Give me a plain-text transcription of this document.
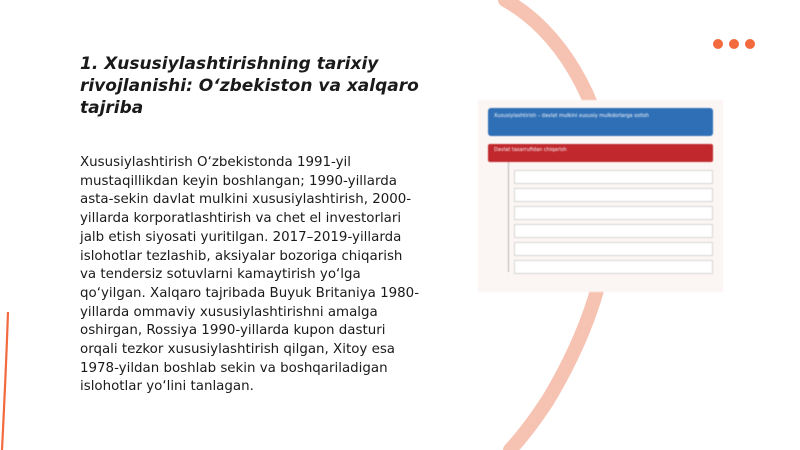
1. Xususiylashtirishning tarixiy rivojlanishi: O‘zbekiston va xalqaro tajriba

Xususiylashtirish O‘zbekistonda 1991-yil mustaqillikdan keyin boshlangan; 1990-yillarda asta-sekin davlat mulkini xususiylashtirish, 2000-yillarda korporatlashtirish va chet el investorlari jalb etish siyosati yuritilgan. 2017–2019-yillarda islohotlar tezlashib, aksiyalar bozoriga chiqarish va tendersiz sotuvlarni kamaytirish yo‘lga qo‘yilgan. Xalqaro tajribada Buyuk Britaniya 1980-yillarda ommaviy xususiylashtirishni amalga oshirgan, Rossiya 1990-yillarda kupon dasturi orqali tezkor xususiylashtirish qilgan, Xitoy esa 1978-yildan boshlab sekin va boshqariladigan islohotlar yo‘lini tanlagan.

Xususiylashtirish – davlat mulkini xususiy mulkdorlarga sotish
Davlat tasarrufidan chiqarish
